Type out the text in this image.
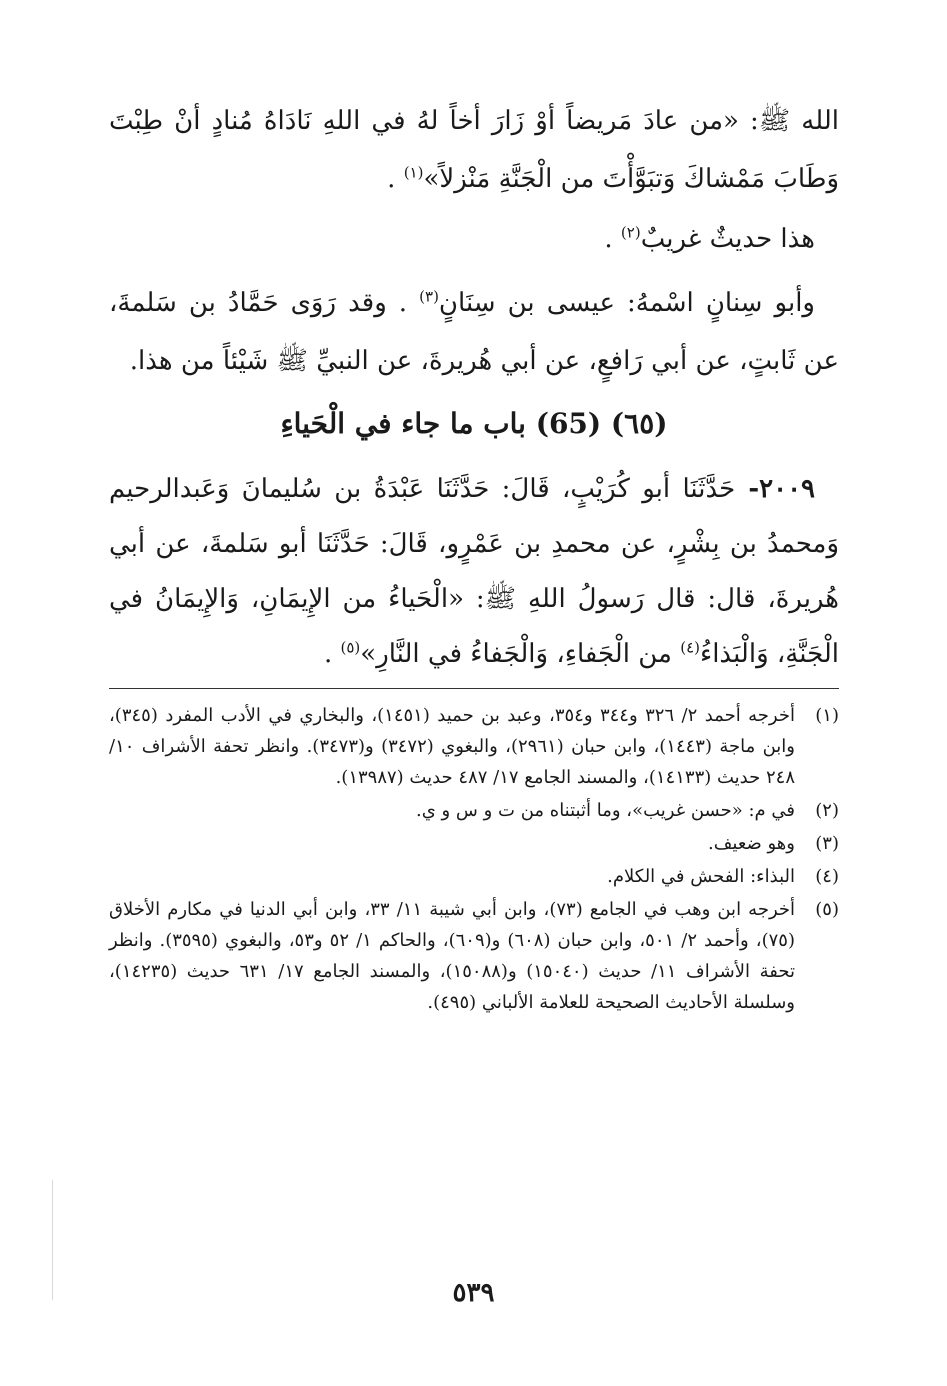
الله ﷺ: «من عادَ مَريضاً أوْ زَارَ أخاً لهُ في اللهِ نَادَاهُ مُنادٍ أنْ طِبْتَ وَطَابَ مَمْشاكَ وَتبَوَّأْتَ من الْجَنَّةِ مَنْزلاً»$^{(١)}$ .

هذا حديثٌ غريبٌ$^{(٢)}$ .

وأبو سِنانٍ اسْمهُ: عيسى بن سِنَانٍ$^{(٣)}$ . وقد رَوَى حَمَّادُ بن سَلمةَ، عن ثَابتٍ، عن أبي رَافعٍ، عن أبي هُريرةَ، عن النبيِّ ﷺ شَيْئاً من هذا.

(٦٥) (65) باب ما جاء في الْحَياءِ

٢٠٠٩- حَدَّثَنَا أبو كُرَيْبٍ، قَالَ: حَدَّثَنَا عَبْدَةُ بن سُليمانَ وَعَبدالرحيم وَمحمدُ بن بِشْرٍ، عن محمدِ بن عَمْرٍو، قَالَ: حَدَّثَنَا أبو سَلمةَ، عن أبي هُريرةَ، قال: قال رَسولُ اللهِ ﷺ: «الْحَياءُ من الإِيمَانِ، وَالإِيمَانُ في الْجَنَّةِ، وَالْبَذاءُ$^{(٤)}$ من الْجَفاءِ، وَالْجَفاءُ في النَّارِ»$^{(٥)}$ .

(١)
أخرجه أحمد ٢/ ٣٢٦ و٣٤٤ و٣٥٤، وعبد بن حميد (١٤٥١)، والبخاري في الأدب المفرد (٣٤٥)، وابن ماجة (١٤٤٣)، وابن حبان (٢٩٦١)، والبغوي (٣٤٧٢) و(٣٤٧٣). وانظر تحفة الأشراف ١٠/ ٢٤٨ حديث (١٤١٣٣)، والمسند الجامع ١٧/ ٤٨٧ حديث (١٣٩٨٧).
(٢)
في م: «حسن غريب»، وما أثبتناه من ت و س و ي.
(٣)
وهو ضعيف.
(٤)
البذاء: الفحش في الكلام.
(٥)
أخرجه ابن وهب في الجامع (٧٣)، وابن أبي شيبة ١١/ ٣٣، وابن أبي الدنيا في مكارم الأخلاق (٧٥)، وأحمد ٢/ ٥٠١، وابن حبان (٦٠٨) و(٦٠٩)، والحاكم ١/ ٥٢ و٥٣، والبغوي (٣٥٩٥). وانظر تحفة الأشراف ١١/ حديث (١٥٠٤٠) و(١٥٠٨٨)، والمسند الجامع ١٧/ ٦٣١ حديث (١٤٢٣٥)، وسلسلة الأحاديث الصحيحة للعلامة الألباني (٤٩٥).
٥٣٩
